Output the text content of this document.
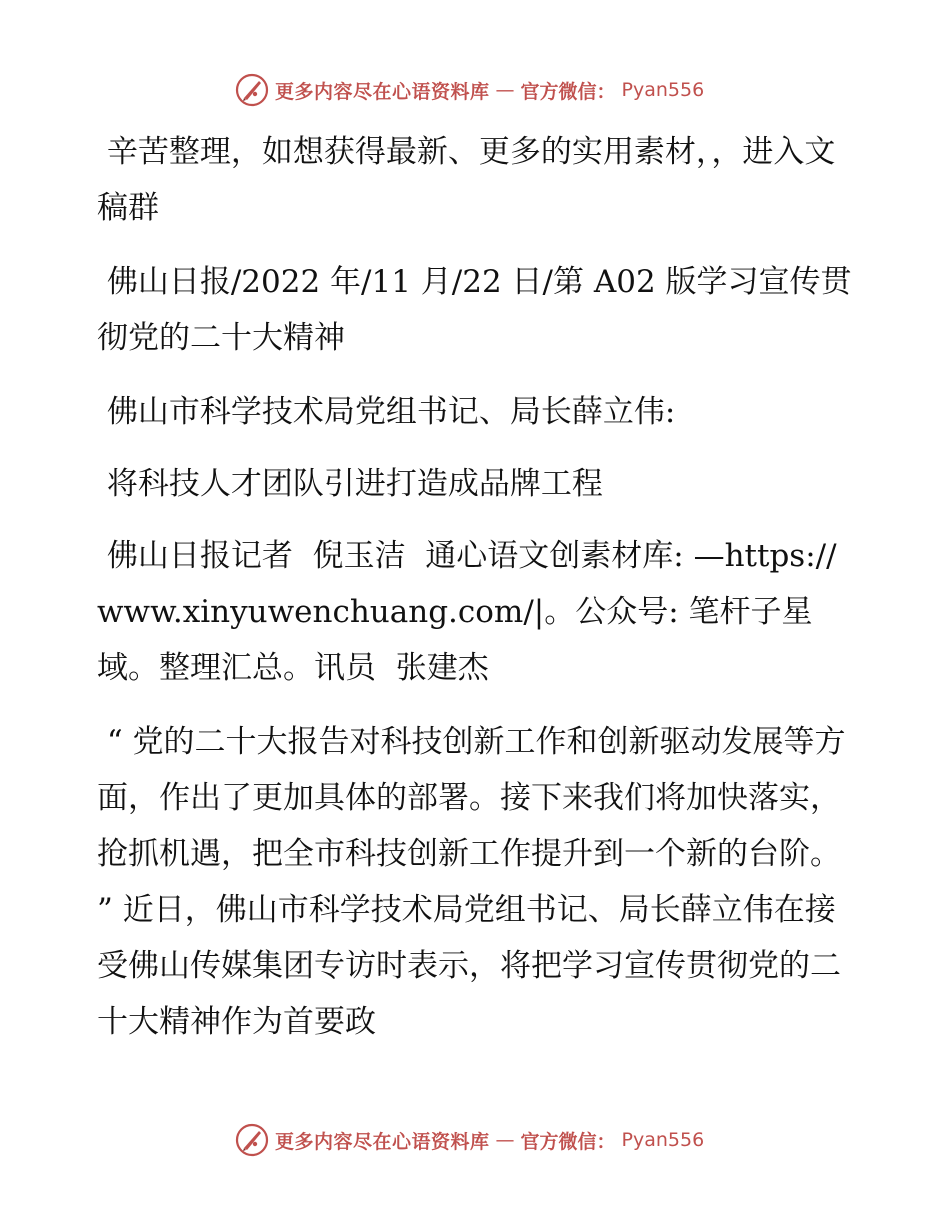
更多内容尽在心语资料库 — 官方微信： Pyan556

辛苦整理，如想获得最新、更多的实用素材，，进入文稿群

佛山日报/2022 年/11 月/22 日/第 A02 版学习宣传贯彻党的二十大精神

佛山市科学技术局党组书记、局长薛立伟:

将科技人才团队引进打造成品牌工程

佛山日报记者  倪玉洁  通心语文创素材库: —https://www.xinyuwenchuang.com/|。公众号: 笔杆子星域。整理汇总。讯员  张建杰

“ 党的二十大报告对科技创新工作和创新驱动发展等方面，作出了更加具体的部署。接下来我们将加快落实，抢抓机遇，把全市科技创新工作提升到一个新的台阶。 ” 近日，佛山市科学技术局党组书记、局长薛立伟在接受佛山传媒集团专访时表示，将把学习宣传贯彻党的二十大精神作为首要政

更多内容尽在心语资料库 — 官方微信： Pyan556
